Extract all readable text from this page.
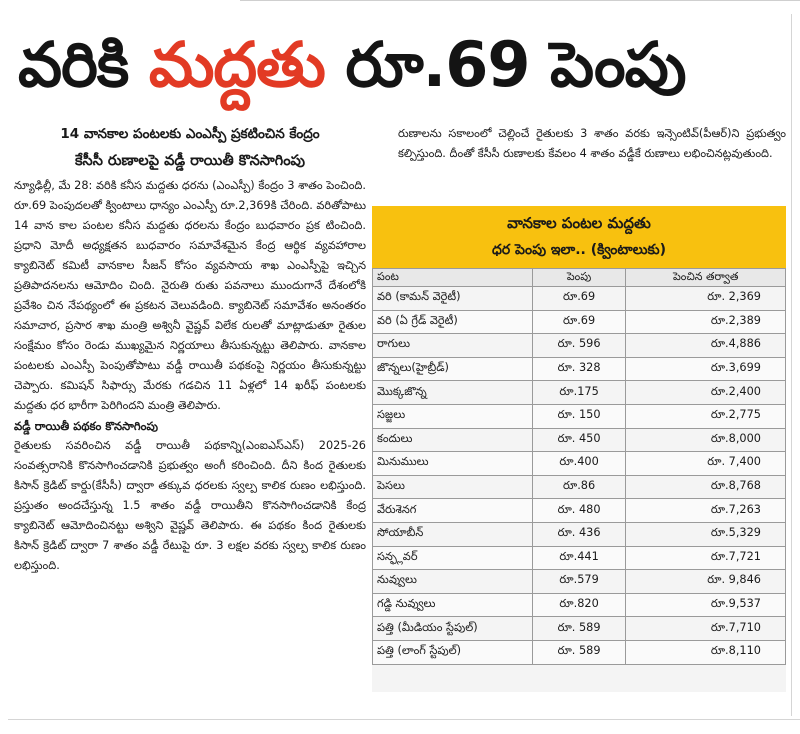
వరికి మద్దతు రూ.69 పెంపు
14 వానకాల పంటలకు ఎంఎస్పీ ప్రకటించిన కేంద్రం
కేసీసీ రుణాలపై వడ్డీ రాయితీ కొనసాగింపు

న్యూఢిల్లీ, మే 28: వరికి కనీస మద్దతు ధరను (ఎంఎస్పీ) కేంద్రం 3 శాతం పెంచింది. రూ.69 పెంపుదలతో క్వింటాలు ధాన్యం ఎంఎస్పీ రూ.2,369కి చేరింది. వరితోపాటు 14 వాన కాల పంటల కనీస మద్దతు ధరలను కేంద్రం బుధవారం ప్రక టించింది. ప్రధాని మోదీ అధ్యక్షతన బుధవారం సమావేశమైన కేంద్ర ఆర్థిక వ్యవహారాల క్యాబినెట్ కమిటీ వానకాల సీజన్ కోసం వ్యవసాయ శాఖ ఎంఎస్పీపై ఇచ్చిన ప్రతిపాదనలను ఆమోదిం చింది. నైరుతి రుతు పవనాలు ముందుగానే దేశంలోకి ప్రవేశిం చిన నేపథ్యంలో ఈ ప్రకటన వెలువడింది. క్యాబినెట్ సమావేశం అనంతరం సమాచార, ప్రసార శాఖ మంత్రి అశ్వినీ వైష్ణవ్ విలేక రులతో మాట్లాడుతూ రైతుల సంక్షేమం కోసం రెండు ముఖ్యమైన నిర్ణయాలు తీసుకున్నట్టు తెలిపారు. వానకాల పంటలకు ఎంఎస్పీ పెంపుతోపాటు వడ్డీ రాయితీ పథకంపై నిర్ణయం తీసుకున్నట్టు చెప్పారు. కమిషన్ సిఫార్సు మేరకు గడచిన 11 ఏళ్లలో 14 ఖరీఫ్ పంటలకు మద్దతు ధర భారీగా పెరిగిందని మంత్రి తెలిపారు.

వడ్డీ రాయితీ పథకం కొనసాగింపు

రైతులకు సవరించిన వడ్డీ రాయితీ పథకాన్ని(ఎంఐఎస్ఎస్) 2025-26 సంవత్సరానికి కొనసాగించడానికి ప్రభుత్వం అంగీ కరించింది. దీని కింద రైతులకు కిసాన్ క్రెడిట్ కార్డు(కేసీసీ) ద్వారా తక్కువ ధరలకు స్వల్ప కాలిక రుణం లభిస్తుంది. ప్రస్తుతం అందచేస్తున్న 1.5 శాతం వడ్డీ రాయితీని కొనసాగించడానికి కేంద్ర క్యాబినెట్ ఆమోదించినట్టు అశ్విని వైష్ణవ్ తెలిపారు. ఈ పథకం కింద రైతులకు కిసాన్ క్రెడిట్ ద్వారా 7 శాతం వడ్డీ రేటుపై రూ. 3 లక్షల వరకు స్వల్ప కాలిక రుణం లభిస్తుంది.

రుణాలను సకాలంలో చెల్లించే రైతులకు 3 శాతం వరకు ఇన్సెంటివ్(పీఆర్)ని ప్రభుత్వం కల్పిస్తుంది. దీంతో కేసీసీ రుణాలకు కేవలం 4 శాతం వడ్డీకే రుణాలు లభించినట్లవుతుంది.
వానకాల పంటల మద్దతు
ధర పెంపు ఇలా.. (క్వింటాలుకు)
పంట	పెంపు	పెంచిన తర్వాత
వరి (కామన్ వెరైటీ)	రూ.69	రూ. 2,369
వరి (ఏ గ్రేడ్ వెరైటీ)	రూ.69	రూ.2,389
రాగులు	రూ. 596	రూ.4,886
జొన్నలు(హైబ్రీడ్)	రూ. 328	రూ.3,699
మొక్కజొన్న	రూ.175	రూ.2,400
సజ్జలు	రూ. 150	రూ.2,775
కందులు	రూ. 450	రూ.8,000
మినుములు	రూ.400	రూ. 7,400
పెసలు	రూ.86	రూ.8,768
వేరుశెనగ	రూ. 480	రూ.7,263
సోయాబీన్	రూ. 436	రూ.5,329
సన్ఫ్లవర్	రూ.441	రూ.7,721
నువ్వులు	రూ.579	రూ. 9,846
గడ్డి నువ్వులు	రూ.820	రూ.9,537
పత్తి (మీడియం స్టేపుల్)	రూ. 589	రూ.7,710
పత్తి (లాంగ్ స్టేపుల్)	రూ. 589	రూ.8,110
